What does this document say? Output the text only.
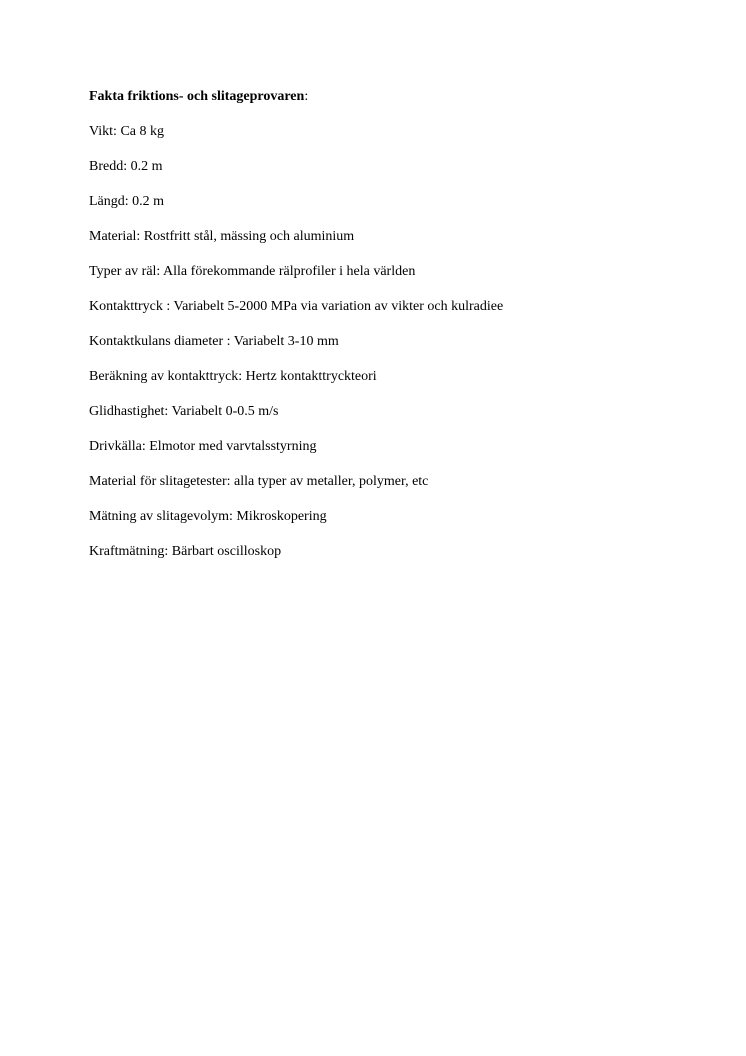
Fakta friktions- och slitageprovaren:
Vikt: Ca 8 kg
Bredd: 0.2 m
Längd: 0.2 m
Material: Rostfritt stål, mässing och aluminium
Typer av räl: Alla förekommande rälprofiler i hela världen
Kontakttryck : Variabelt 5-2000 MPa via variation av vikter och kulradiee
Kontaktkulans diameter : Variabelt 3-10 mm
Beräkning av kontakttryck: Hertz kontakttryckteori
Glidhastighet: Variabelt 0-0.5 m/s
Drivkälla: Elmotor med varvtalsstyrning
Material för slitagetester: alla typer av metaller, polymer, etc
Mätning av slitagevolym: Mikroskopering
Kraftmätning: Bärbart oscilloskop
